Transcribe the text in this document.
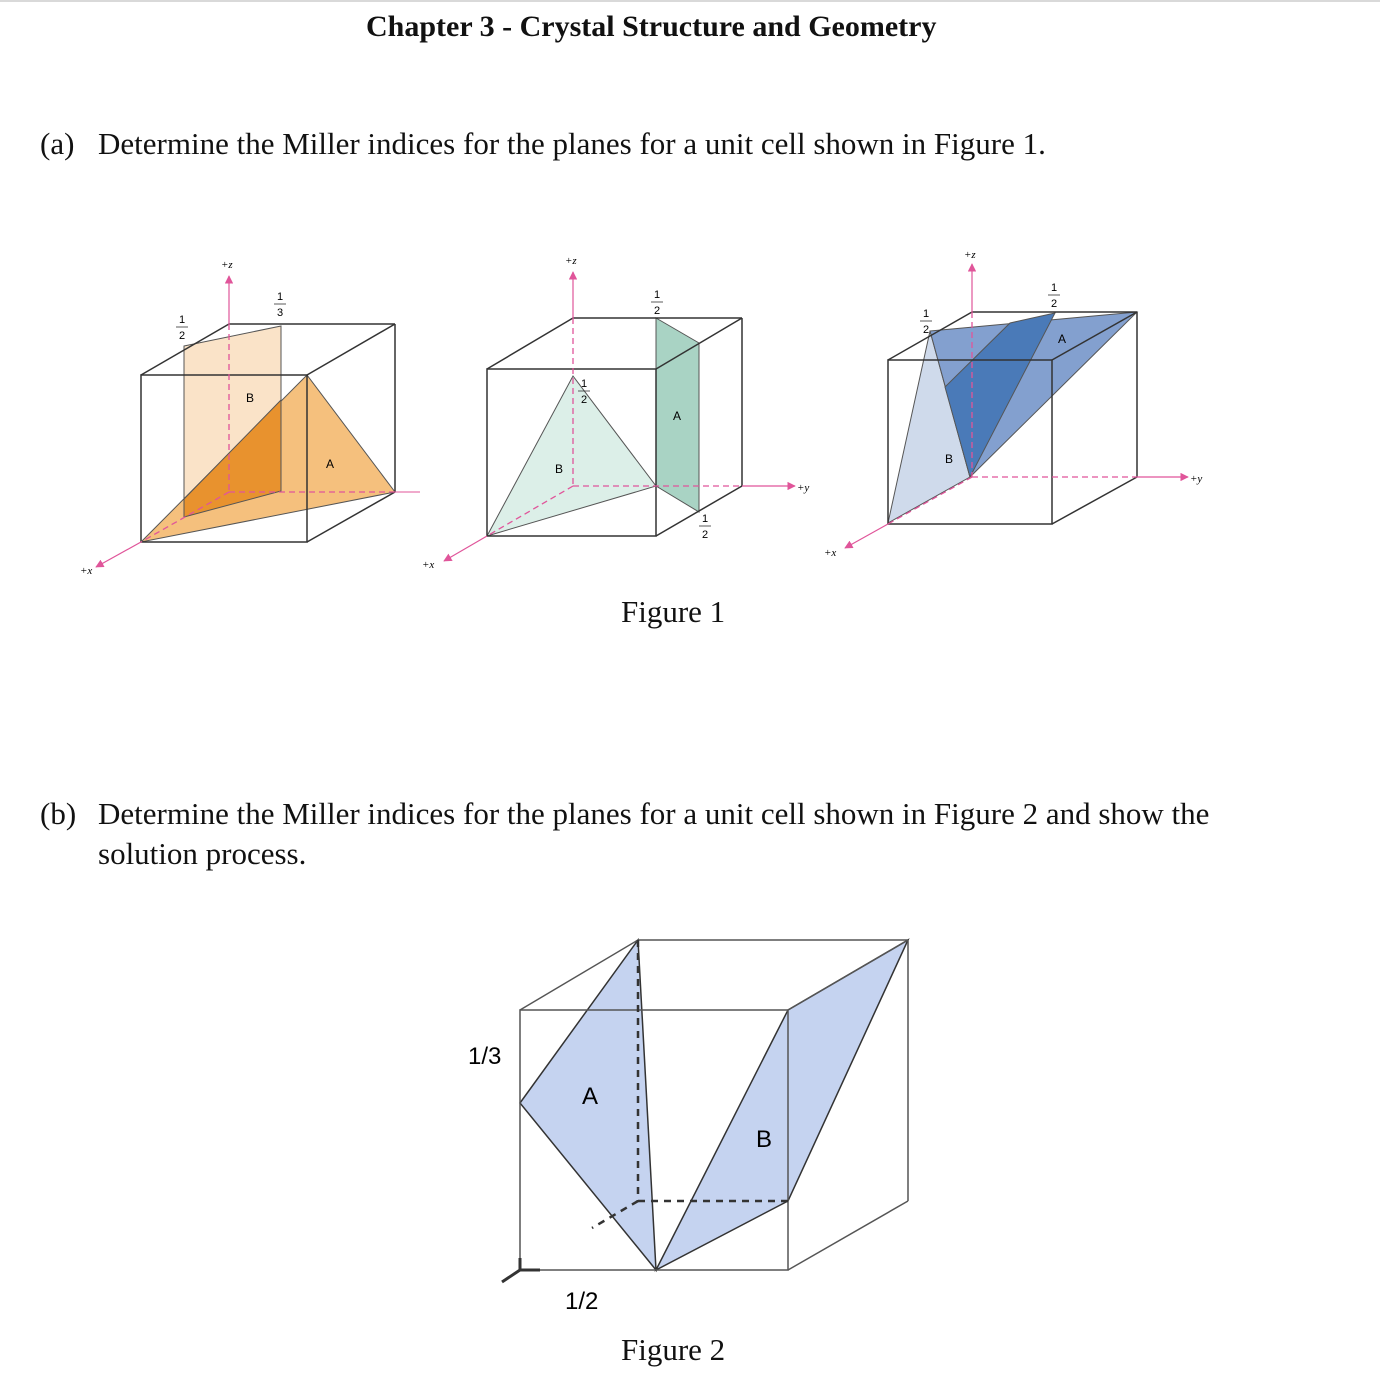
Chapter 3 - Crystal Structure and Geometry
(a) Determine the Miller indices for the planes for a unit cell shown in Figure 1.
+z
+x
1
2
1
3
B
A
+z
+y
+x
1
2
1
2
1
2
A
B
+z
+y
+x
1
2
1
2
A
B
Figure 1
(b) Determine the Miller indices for the planes for a unit cell shown in Figure 2 and show the
solution process.
1/3
1/2
A
B
Figure 2
